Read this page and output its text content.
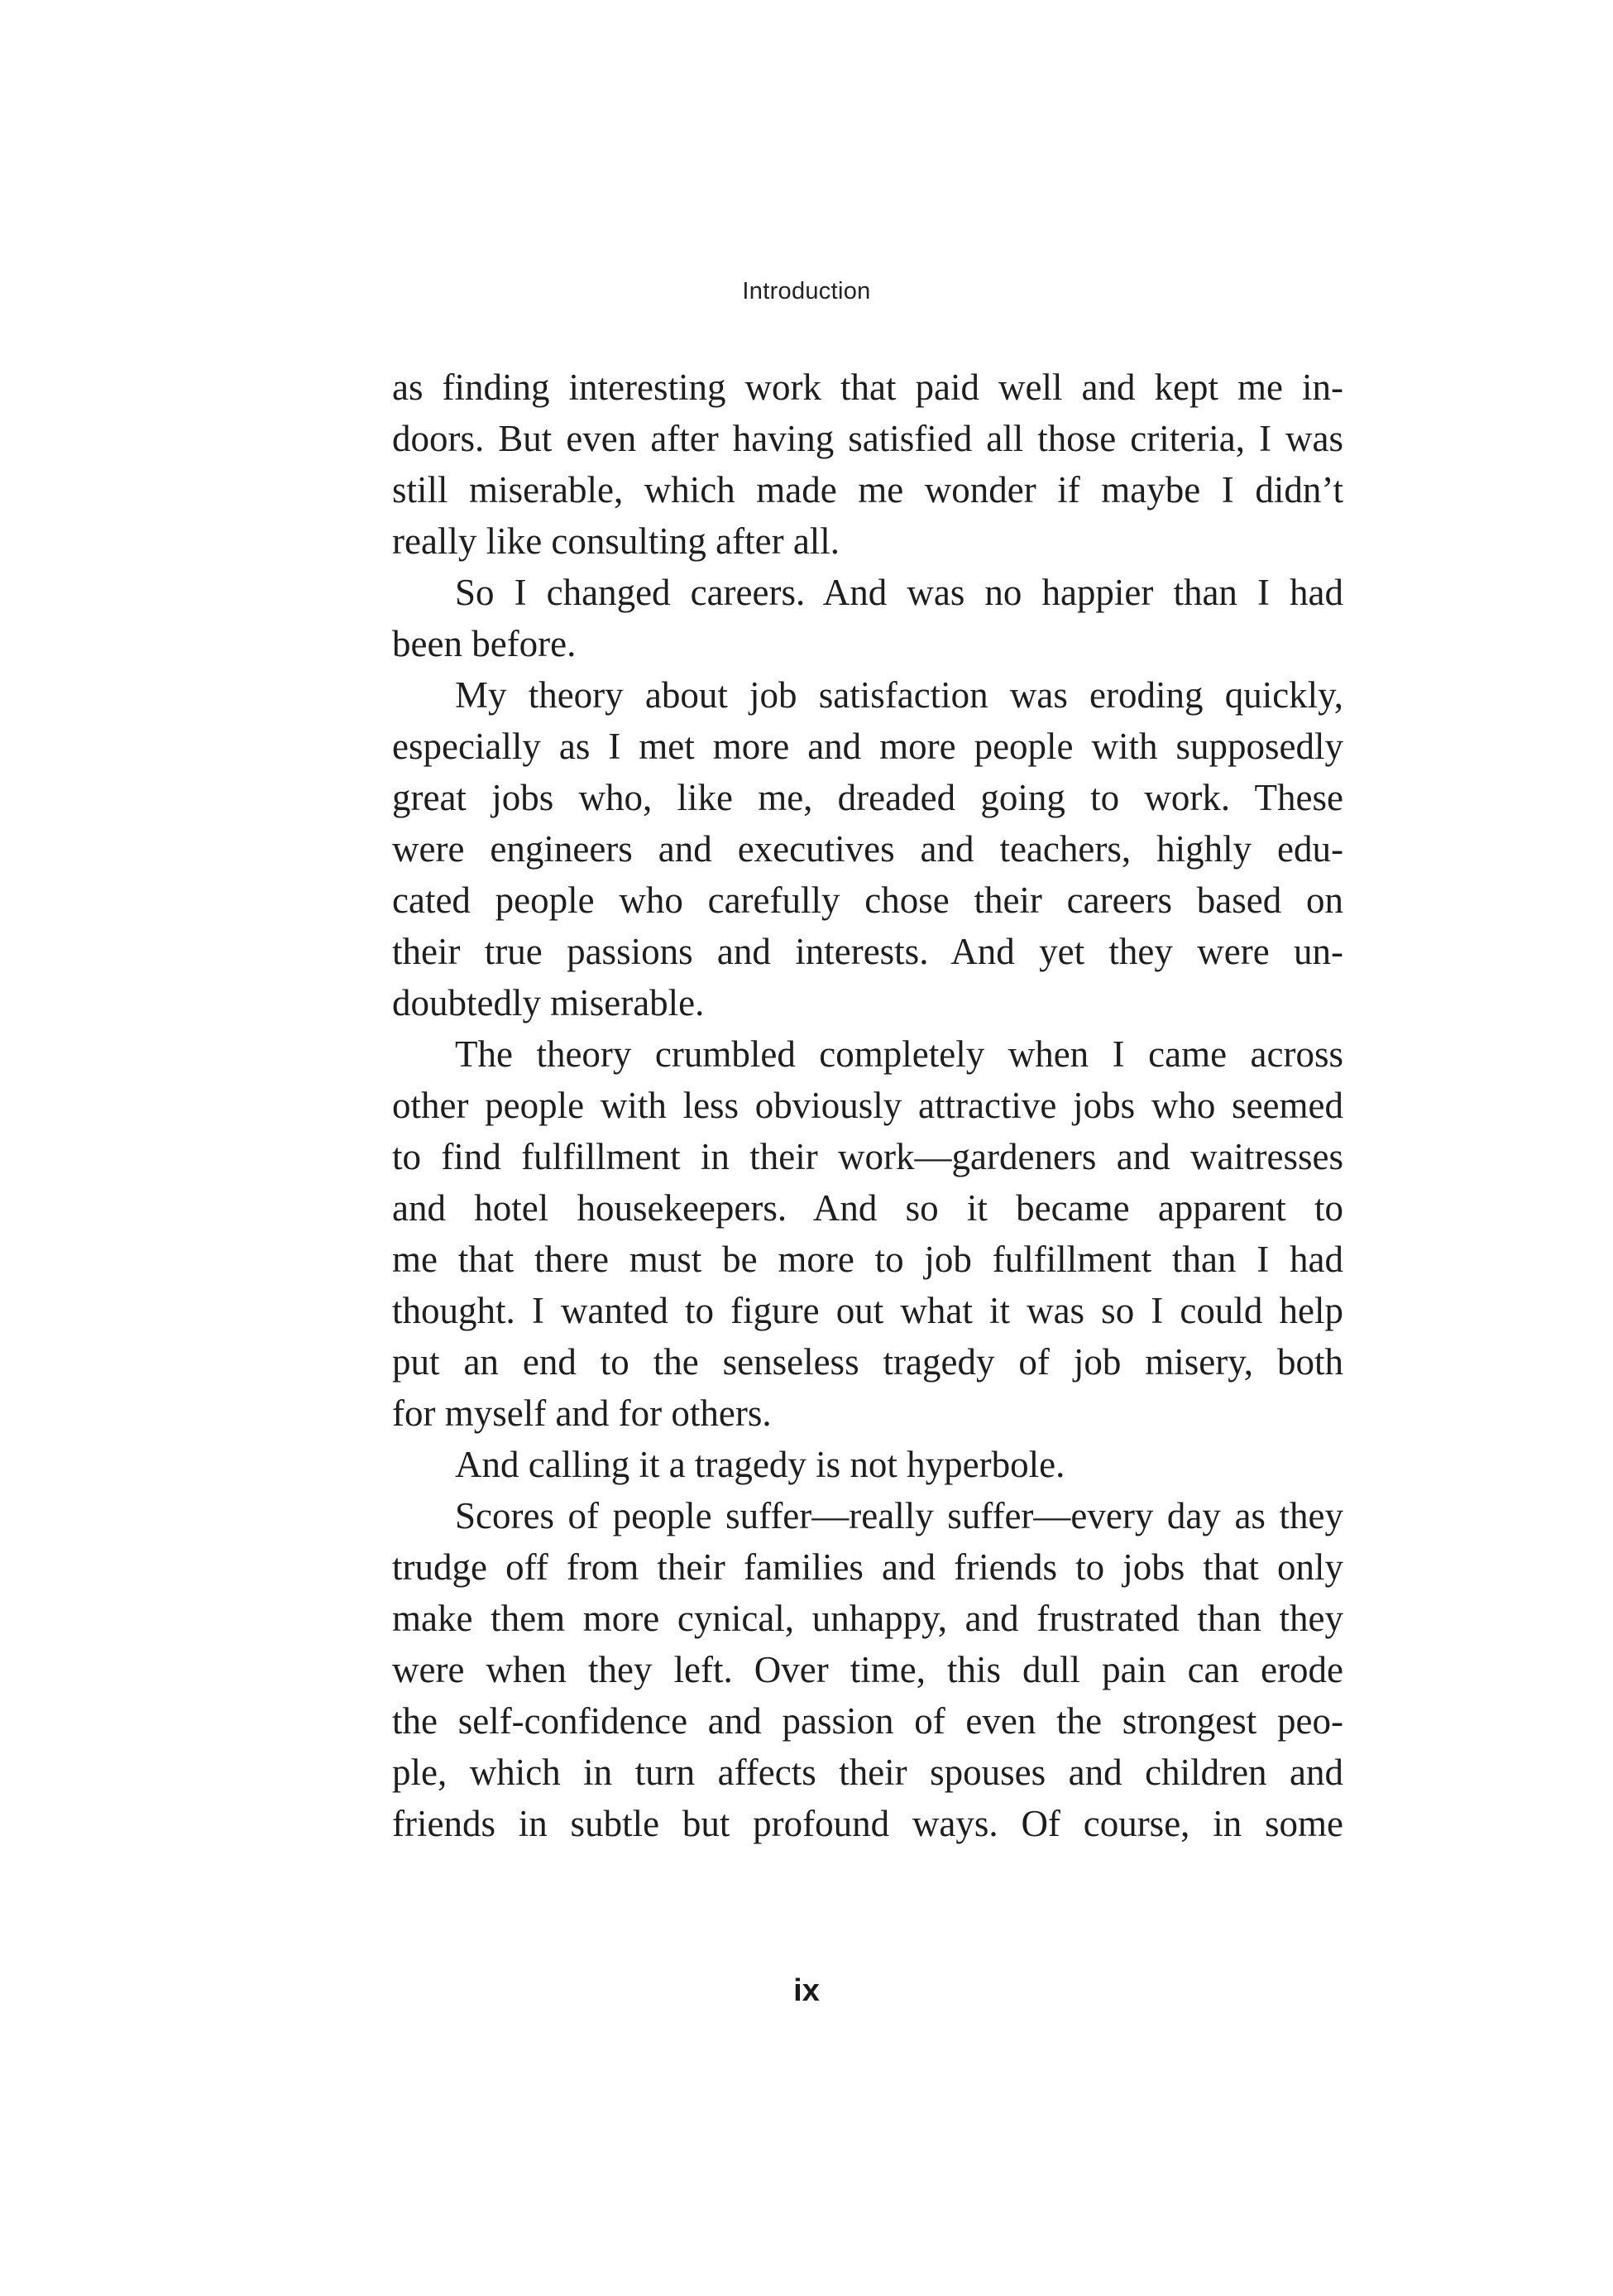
Introduction
as finding interesting work that paid well and kept me in-
doors. But even after having satisfied all those criteria, I was
still miserable, which made me wonder if maybe I didn’t
really like consulting after all.
So I changed careers. And was no happier than I had
been before.
My theory about job satisfaction was eroding quickly,
especially as I met more and more people with supposedly
great jobs who, like me, dreaded going to work. These
were engineers and executives and teachers, highly edu-
cated people who carefully chose their careers based on
their true passions and interests. And yet they were un-
doubtedly miserable.
The theory crumbled completely when I came across
other people with less obviously attractive jobs who seemed
to find fulfillment in their work—gardeners and waitresses
and hotel housekeepers. And so it became apparent to
me that there must be more to job fulfillment than I had
thought. I wanted to figure out what it was so I could help
put an end to the senseless tragedy of job misery, both
for myself and for others.
And calling it a tragedy is not hyperbole.
Scores of people suffer—really suffer—every day as they
trudge off from their families and friends to jobs that only
make them more cynical, unhappy, and frustrated than they
were when they left. Over time, this dull pain can erode
the self-confidence and passion of even the strongest peo-
ple, which in turn affects their spouses and children and
friends in subtle but profound ways. Of course, in some
ix
